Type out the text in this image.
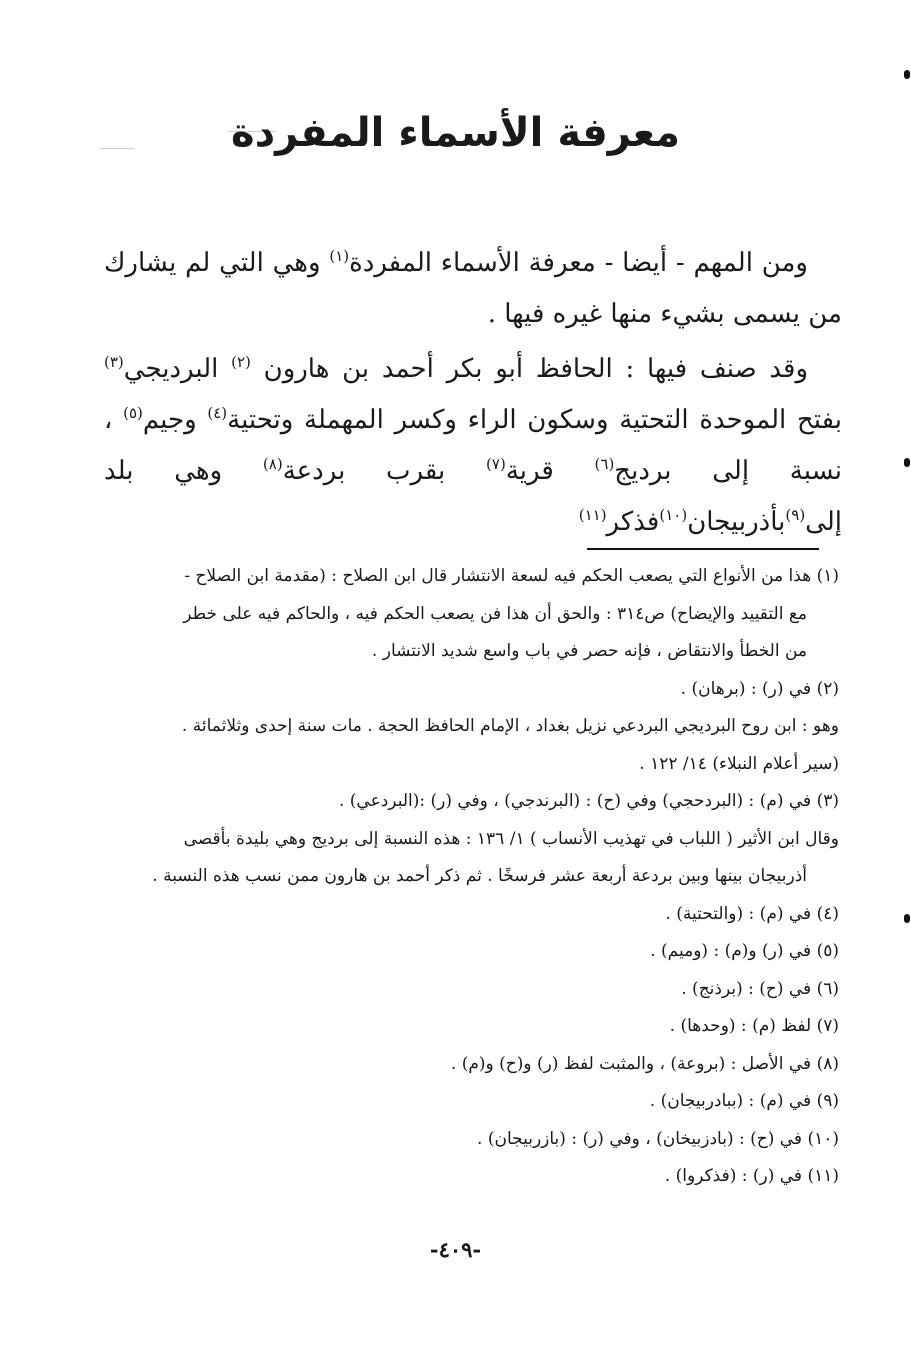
معرفة الأسماء المفردة

ومن المهم - أيضا - معرفة الأسماء المفردة$^{(١)}$ وهي التي لم يشارك من يسمى بشيء منها غيره فيها .

وقد صنف فيها : الحافظ أبو بكر أحمد بن هارون $^{(٢)}$ البرديجي$^{(٣)}$ بفتح الموحدة التحتية وسكون الراء وكسر المهملة وتحتية$^{(٤)}$ وجيم$^{(٥)}$ ، نسبة إلى برديج$^{(٦)}$ قرية$^{(٧)}$ بقرب بردعة$^{(٨)}$ وهي بلد إلى$^{(٩)}$بأذربيجان$^{(١٠)}$فذكر$^{(١١)}$

(١) هذا من الأنواع التي يصعب الحكم فيه لسعة الانتشار قال ابن الصلاح : (مقدمة ابن الصلاح -
مع التقييد والإيضاح) ص٣١٤ : والحق أن هذا فن يصعب الحكم فيه ، والحاكم فيه على خطر
من الخطأ والانتقاض ، فإنه حصر في باب واسع شديد الانتشار .
(٢) في (ر) : (برهان) .
وهو : ابن روح البرديجي البردعي نزيل بغداد ، الإمام الحافظ الحجة . مات سنة إحدى وثلاثمائة .
(سير أعلام النبلاء) ١٤/ ١٢٢ .
(٣) في (م) : (البردحجي) وفي (ح) : (البرندجي) ، وفي (ر) :(البردعي) .
وقال ابن الأثير ( اللباب في تهذيب الأنساب ) ١/ ١٣٦ : هذه النسبة إلى برديج وهي بليدة بأقصى
أذربيجان بينها وبين بردعة أربعة عشر فرسخًا . ثم ذكر أحمد بن هارون ممن نسب هذه النسبة .
(٤) في (م) : (والتحتية) .
(٥) في (ر) و(م) : (وميم) .
(٦) في (ح) : (برذنج) .
(٧) لفظ (م) : (وحدها) .
(٨) في الأصل : (بروعة) ، والمثبت لفظ (ر) و(ح) و(م) .
(٩) في (م) : (ببادربيجان) .
(١٠) في (ح) : (بادزبيخان) ، وفي (ر) : (بازربيجان) .
(١١) في (ر) : (فذكروا) .
-٤٠٩-
